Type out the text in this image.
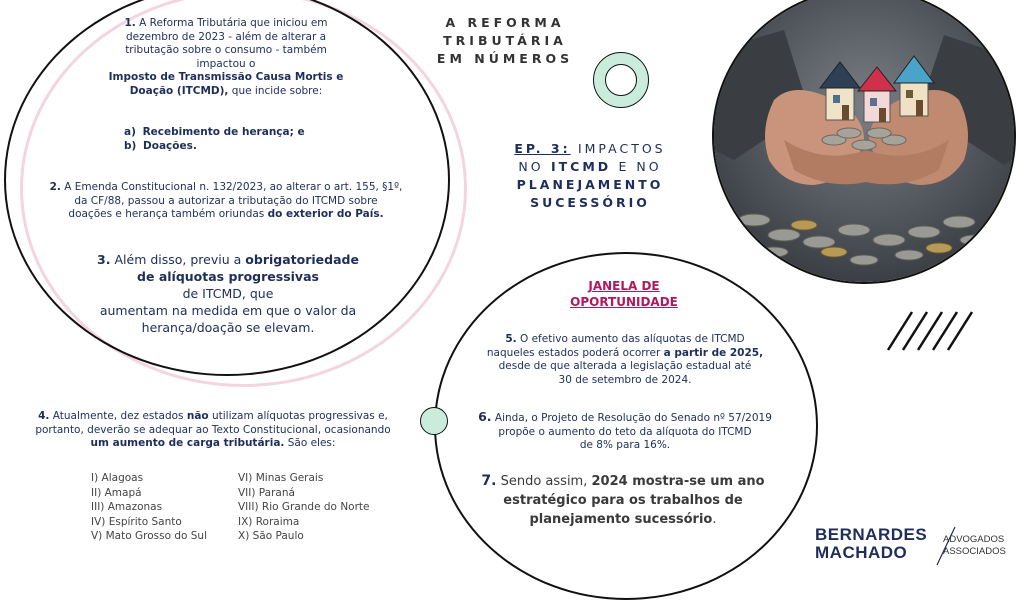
A REFORMA
TRIBUTÁRIA
EM NÚMEROS
EP. 3: IMPACTOS
NO ITCMD E NO
PLANEJAMENTO
SUCESSÓRIO
1. A Reforma Tributária que iniciou em
dezembro de 2023 - além de alterar a
tributação sobre o consumo - também
impactou o
Imposto de Transmissão Causa Mortis e
Doação (ITCMD), que incide sobre:
a) Recebimento de herança; e
b) Doações.
2. A Emenda Constitucional n. 132/2023, ao alterar o art. 155, §1º,
da CF/88, passou a autorizar a tributação do ITCMD sobre
doações e herança também oriundas do exterior do País.
3. Além disso, previu a obrigatoriedade
de alíquotas progressivas
de ITCMD, que
aumentam na medida em que o valor da
herança/doação se elevam.
4. Atualmente, dez estados não utilizam alíquotas progressivas e,
portanto, deverão se adequar ao Texto Constitucional, ocasionando
um aumento de carga tributária. São eles:
I) Alagoas
II) Amapá
III) Amazonas
IV) Espírito Santo
V) Mato Grosso do Sul
VI) Minas Gerais
VII) Paraná
VIII) Rio Grande do Norte
IX) Roraima
X) São Paulo
JANELA DE
OPORTUNIDADE
5. O efetivo aumento das alíquotas de ITCMD
naqueles estados poderá ocorrer a partir de 2025,
desde de que alterada a legislação estadual até
30 de setembro de 2024.
6. Ainda, o Projeto de Resolução do Senado nº 57/2019
propõe o aumento do teto da alíquota do ITCMD
de 8% para 16%.
7. Sendo assim, 2024 mostra-se um ano
estratégico para os trabalhos de
planejamento sucessório.
BERNARDES
MACHADO
ADVOGADOS
ASSOCIADOS
